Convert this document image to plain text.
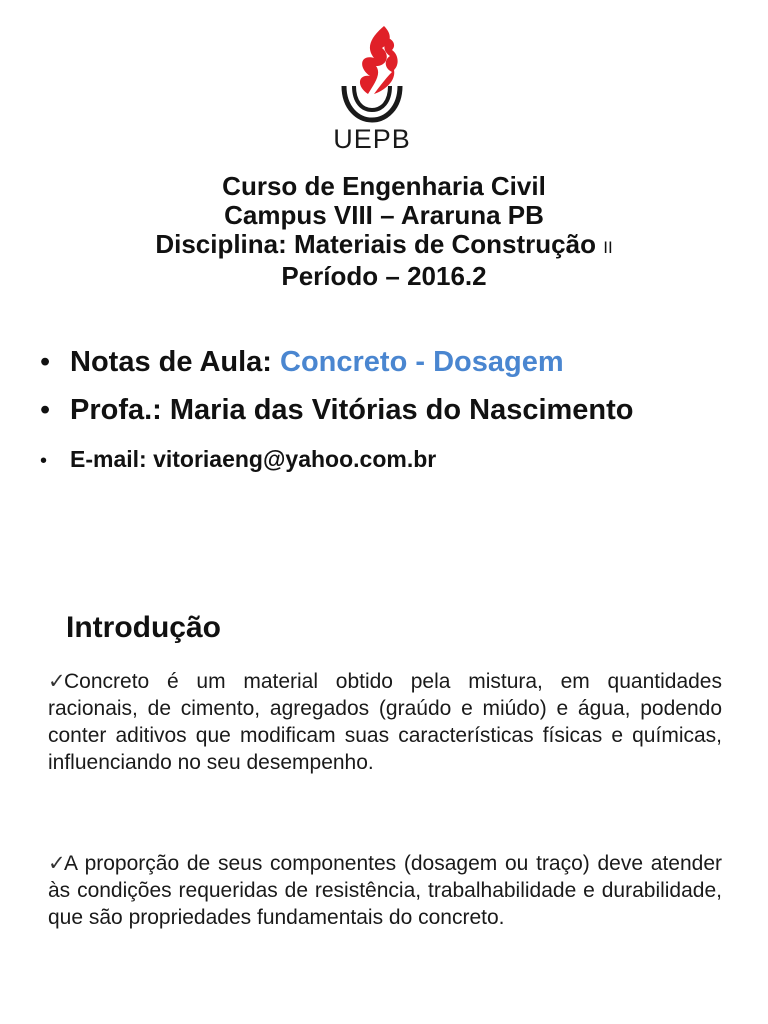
UEPB
Curso de Engenharia Civil
Campus VIII – Araruna PB
Disciplina: Materiais de Construção II
Período – 2016.2
• Notas de Aula: Concreto - Dosagem
• Profa.: Maria das Vitórias do Nascimento
• E-mail: vitoriaeng@yahoo.com.br
Introdução
✓Concreto é um material obtido pela mistura, em quantidades racionais, de cimento, agregados (graúdo e miúdo) e água, podendo conter aditivos que modificam suas características físicas e químicas, influenciando no seu desempenho.
✓A proporção de seus componentes (dosagem ou traço) deve atender às condições requeridas de resistência, trabalhabilidade e durabilidade, que são propriedades fundamentais do concreto.
